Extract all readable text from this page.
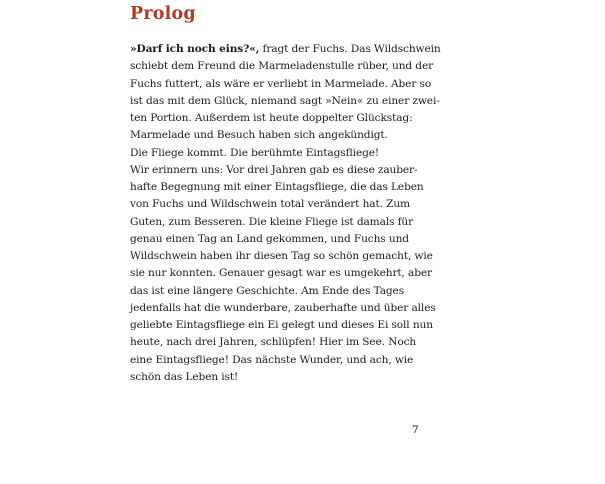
Prolog
»Darf ich noch eins?«, fragt der Fuchs. Das Wildschwein
schiebt dem Freund die Marmeladenstulle rüber, und der
Fuchs futtert, als wäre er verliebt in Marmelade. Aber so
ist das mit dem Glück, niemand sagt »Nein« zu einer zwei-
ten Portion. Außerdem ist heute doppelter Glückstag:
Marmelade und Besuch haben sich angekündigt.
Die Fliege kommt. Die berühmte Eintagsfliege!
Wir erinnern uns: Vor drei Jahren gab es diese zauber-
hafte Begegnung mit einer Eintagsfliege, die das Leben
von Fuchs und Wildschwein total verändert hat. Zum
Guten, zum Besseren. Die kleine Fliege ist damals für
genau einen Tag an Land gekommen, und Fuchs und
Wildschwein haben ihr diesen Tag so schön gemacht, wie
sie nur konnten. Genauer gesagt war es umgekehrt, aber
das ist eine längere Geschichte. Am Ende des Tages
jedenfalls hat die wunderbare, zauberhafte und über alles
geliebte Eintagsfliege ein Ei gelegt und dieses Ei soll nun
heute, nach drei Jahren, schlüpfen! Hier im See. Noch
eine Eintagsfliege! Das nächste Wunder, und ach, wie
schön das Leben ist!
7
